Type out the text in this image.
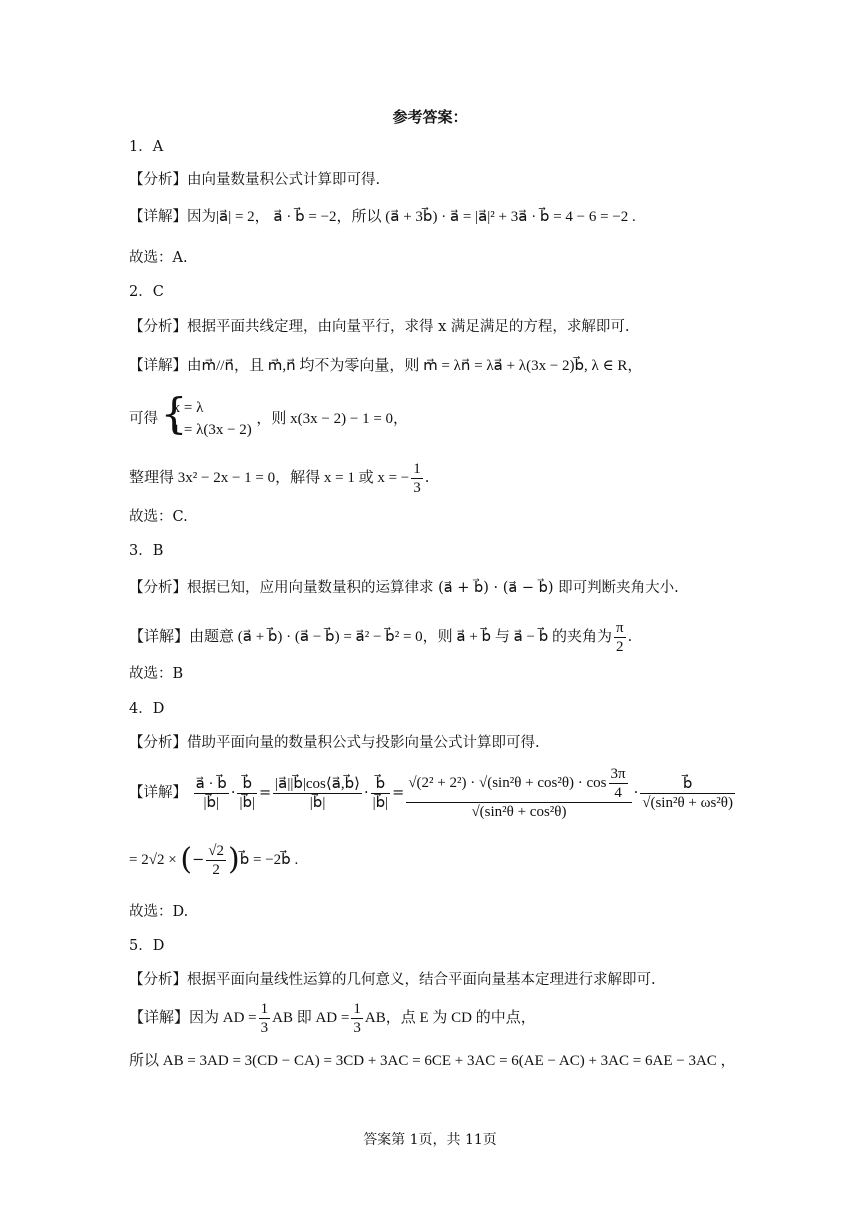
参考答案：
1．A
【分析】由向量数量积公式计算即可得.
【详解】因为|a⃗| = 2， a⃗ · b⃗ = −2，所以 (a⃗ + 3b⃗) · a⃗ = |a⃗|² + 3a⃗ · b⃗ = 4 − 6 = −2 .
故选：A.
2．C
【分析】根据平面共线定理，由向量平行，求得 x 满足满足的方程，求解即可.
【详解】由m⃗//n⃗，且 m⃗,n⃗ 均不为零向量，则 m⃗ = λn⃗ = λa⃗ + λ(3x − 2)b⃗, λ ∈ R，
可得
{ x = λ
1 = λ(3x − 2)
，则 x(3x − 2) − 1 = 0，
整理得 3x² − 2x − 1 = 0，解得 x = 1 或 x = − $\frac{1}{3}$ .
故选：C.
3．B
【分析】根据已知，应用向量数量积的运算律求 (a⃗ + b⃗) · (a⃗ − b⃗) 即可判断夹角大小.
【详解】由题意 (a⃗ + b⃗) · (a⃗ − b⃗) = a⃗² − b⃗² = 0，则 a⃗ + b⃗ 与 a⃗ − b⃗ 的夹角为 $\frac{\pi}{2}$ .
故选：B
4．D
【分析】借助平面向量的数量积公式与投影向量公式计算即可得.
【详解】 $\frac{a⃗ \cdot b⃗}{|b⃗|} \cdot \frac{b⃗}{|b⃗|} = \frac{|a⃗||b⃗|\cos⟨a⃗,b⃗⟩}{|b⃗|} \cdot \frac{b⃗}{|b⃗|} = \frac{√(2^2 + 2^2) \cdot √(\sin^2\theta + \cos^2\theta) \cdot \cos \frac{3\pi}{4}}{\text{√(sin²θ + cos²θ)}} \cdot \frac{b⃗}{\text{√(sin²θ + ωs²θ)}}$
= 2√2 × (− $\frac{√2}{2}$ )b⃗ = −2b⃗ .
故选：D.
5．D
【分析】根据平面向量线性运算的几何意义，结合平面向量基本定理进行求解即可.
【详解】因为 AD = $\frac{1}{3}$ AB 即 AD = $\frac{1}{3}$ AB，点 E 为 CD 的中点，
所以 AB = 3AD = 3(CD − CA) = 3CD + 3AC = 6CE + 3AC = 6(AE − AC) + 3AC = 6AE − 3AC ，
答案第 1页，共 11页
